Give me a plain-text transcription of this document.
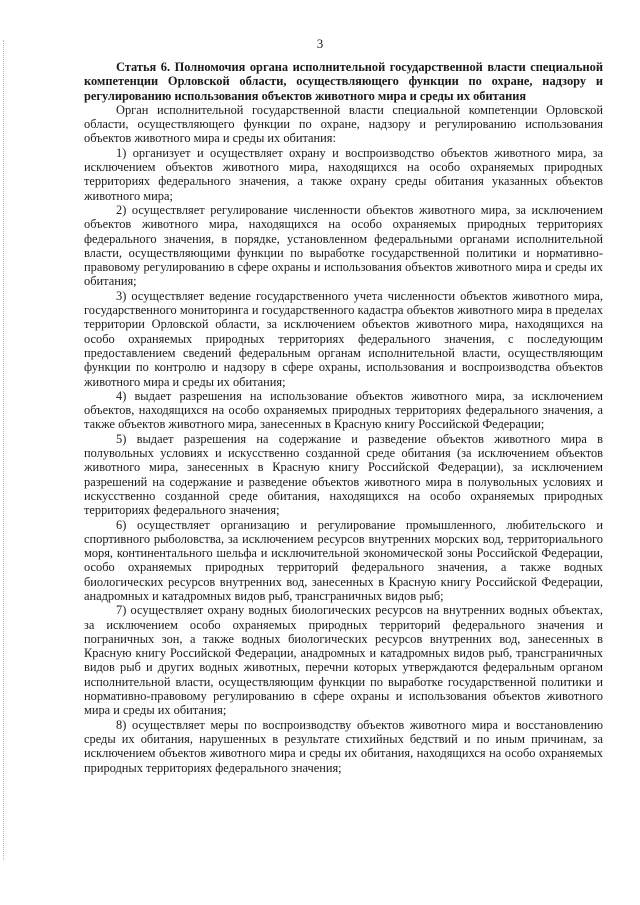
3

Статья 6. Полномочия органа исполнительной государственной власти специальной компетенции Орловской области, осуществляющего функции по охране, надзору и регулированию использования объектов животного мира и среды их обитания

Орган исполнительной государственной власти специальной компетенции Орловской области, осуществляющего функции по охране, надзору и регулированию использования объектов животного мира и среды их обитания:

1) организует и осуществляет охрану и воспроизводство объектов животного мира, за исключением объектов животного мира, находящихся на особо охраняемых природных территориях федерального значения, а также охрану среды обитания указанных объектов животного мира;

2) осуществляет регулирование численности объектов животного мира, за исключением объектов животного мира, находящихся на особо охраняемых природных территориях федерального значения, в порядке, установленном федеральными органами исполнительной власти, осуществляющими функции по выработке государственной политики и нормативно-правовому регулированию в сфере охраны и использования объектов животного мира и среды их обитания;

3) осуществляет ведение государственного учета численности объектов животного мира, государственного мониторинга и государственного кадастра объектов животного мира в пределах территории Орловской области, за исключением объектов животного мира, находящихся на особо охраняемых природных территориях федерального значения, с последующим предоставлением сведений федеральным органам исполнительной власти, осуществляющим функции по контролю и надзору в сфере охраны, использования и воспроизводства объектов животного мира и среды их обитания;

4) выдает разрешения на использование объектов животного мира, за исключением объектов, находящихся на особо охраняемых природных территориях федерального значения, а также объектов животного мира, занесенных в Красную книгу Российской Федерации;

5) выдает разрешения на содержание и разведение объектов животного мира в полувольных условиях и искусственно созданной среде обитания (за исключением объектов животного мира, занесенных в Красную книгу Российской Федерации), за исключением разрешений на содержание и разведение объектов животного мира в полувольных условиях и искусственно созданной среде обитания, находящихся на особо охраняемых природных территориях федерального значения;

6) осуществляет организацию и регулирование промышленного, любительского и спортивного рыболовства, за исключением ресурсов внутренних морских вод, территориального моря, континентального шельфа и исключительной экономической зоны Российской Федерации, особо охраняемых природных территорий федерального значения, а также водных биологических ресурсов внутренних вод, занесенных в Красную книгу Российской Федерации, анадромных и катадромных видов рыб, трансграничных видов рыб;

7) осуществляет охрану водных биологических ресурсов на внутренних водных объектах, за исключением особо охраняемых природных территорий федерального значения и пограничных зон, а также водных биологических ресурсов внутренних вод, занесенных в Красную книгу Российской Федерации, анадромных и катадромных видов рыб, трансграничных видов рыб и других водных животных, перечни которых утверждаются федеральным органом исполнительной власти, осуществляющим функции по выработке государственной политики и нормативно-правовому регулированию в сфере охраны и использования объектов животного мира и среды их обитания;

8) осуществляет меры по воспроизводству объектов животного мира и восстановлению среды их обитания, нарушенных в результате стихийных бедствий и по иным причинам, за исключением объектов животного мира и среды их обитания, находящихся на особо охраняемых природных территориях федерального значения;
